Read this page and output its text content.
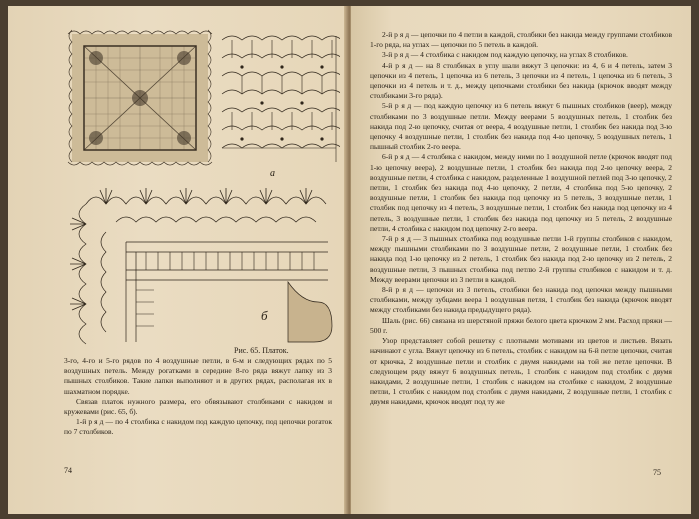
а
б
Рис. 65. Платок.

3-го, 4-го и 5-го рядов по 4 воздушные петли, в 6-м и следующих рядах по 5 воздушных петель. Между рогатками в середине 8-го ряда вяжут лапку из 3 пышных столбиков. Такие лапки выполняют и в других рядах, располагая их в шахматном порядке.

Связав платок нужного размера, его обвязывают столбиками с накидом и кружевами (рис. 65, б).

1-й р я д — по 4 столбика с накидом под каждую цепочку, под цепочки рогаток по 7 столбиков.

74

2-й р я д — цепочки по 4 петли в каждой, столбики без накида между группами столбиков 1-го ряда, на углах — цепочки по 5 петель в каждой.

3-й р я д — 4 столбика с накидом под каждую цепочку, на углах 8 столбиков.

4-й р я д — на 8 столбиках в углу шали вяжут 3 цепочки: из 4, 6 и 4 петель, затем 3 цепочки из 4 петель, 1 цепочка из 6 петель, 3 цепочки из 4 петель, 1 цепочка из 6 петель, 3 цепочки из 4 петель и т. д., между цепочками столбики без накида (крючок вводят между столбиками 3-го ряда).

5-й р я д — под каждую цепочку из 6 петель вяжут 6 пышных столбиков (веер), между столбиками по 3 воздушные петли. Между веерами 5 воздушных петель, 1 столбик без накида под 2-ю цепочку, считая от веера, 4 воздушные петли, 1 столбик без накида под 3-ю цепочку 4 воздушные петли, 1 столбик без накида под 4-ю цепочку, 5 воздушных петель, 1 пышный столбик 2-го веера.

6-й р я д — 4 столбика с накидом, между ними по 1 воздушной петле (крючок вводят под 1-ю цепочку веера), 2 воздушные петли, 1 столбик без накида под 2-ю цепочку веера, 2 воздушные петли, 4 столбика с накидом, разделенные 1 воздушной петлей под 3-ю цепочку, 2 петли, 1 столбик без накида под 4-ю цепочку, 2 петли, 4 столбика под 5-ю цепочку, 2 воздушные петли, 1 столбик без накида под цепочку из 5 петель, 3 воздушные петли, 1 столбик под цепочку из 4 петель, 3 воздушные петли, 1 столбик без накида под цепочку из 4 петель, 3 воздушные петли, 1 столбик без накида под цепочку из 5 петель, 2 воздушные петли, 4 столбика с накидом под цепочку 2-го веера.

7-й р я д — 3 пышных столбика под воздушные петли 1-й группы столбиков с накидом, между пышными столбиками по 3 воздушные петли, 2 воздушные петли, 1 столбик без накида под 1-ю цепочку из 2 петель, 1 столбик без накида под 2-ю цепочку из 2 петель, 2 воздушные петли, 3 пышных столбика под петлю 2-й группы столбиков с накидом и т. д. Между веерами цепочки из 3 петли в каждой.

8-й р я д — цепочки из 3 петель, столбики без накида под цепочки между пышными столбиками, между зубцами веера 1 воздушная петля, 1 столбик без накида (крючок вводят между столбиками без накида предыдущего ряда).

Шаль (рис. 66) связана из шерстяной пряжи белого цвета крючком 2 мм. Расход пряжи — 500 г.

Узор представляет собой решетку с плотными мотивами из цветов и листьев. Вязать начинают с угла. Вяжут цепочку из 6 петель, столбик с накидом на 6-й петле цепочки, считая от крючка, 2 воздушные петли и столбик с двумя накидами на той же петле цепочки. В следующем ряду вяжут 6 воздушных петель, 1 столбик с накидом под столбик с двумя накидами, 2 воздушные петли, 1 столбик с накидом на столбике с накидом, 2 воздушные петли, 1 столбик с накидом под столбик с двумя накидами, 2 воздушные петли, 1 столбик с двумя накидами, крючок вводят под ту же

75
